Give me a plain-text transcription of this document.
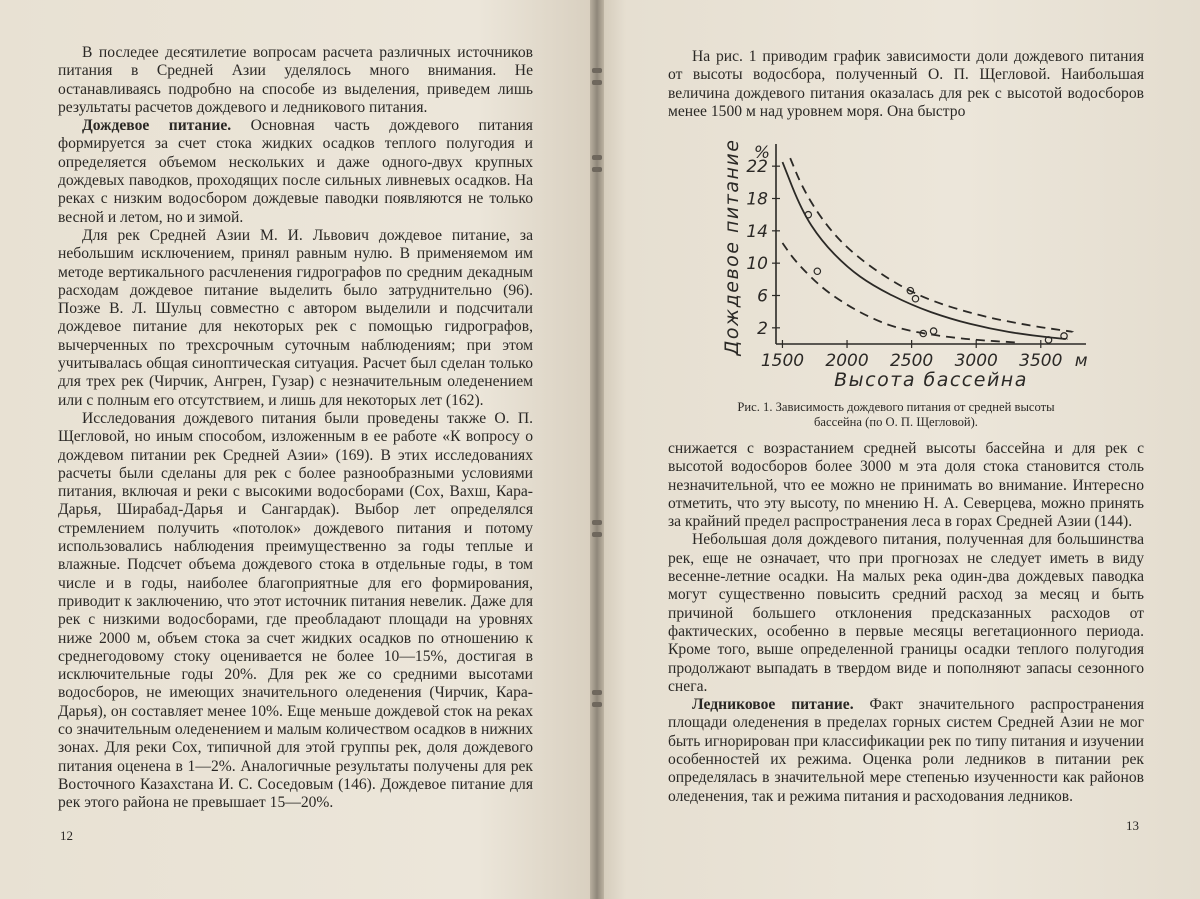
В последее десятилетие вопросам расчета различных источников питания в Средней Азии уделялось много внимания. Не останавливаясь подробно на способе из выделения, приведем лишь результаты расчетов дождевого и ледникового питания.

Дождевое питание. Основная часть дождевого питания формируется за счет стока жидких осадков теплого полугодия и определяется объемом нескольких и даже одного-двух крупных дождевых паводков, проходящих после сильных ливневых осадков. На реках с низким водосбором дождевые паводки появляются не только весной и летом, но и зимой.

Для рек Средней Азии М. И. Львович дождевое питание, за небольшим исключением, принял равным нулю. В применяемом им методе вертикального расчленения гидрографов по средним декадным расходам дождевое питание выделить было затруднительно (96). Позже В. Л. Шульц совместно с автором выделили и подсчитали дождевое питание для некоторых рек с помощью гидрографов, вычерченных по трехсрочным суточным наблюдениям; при этом учитывалась общая синоптическая ситуация. Расчет был сделан только для трех рек (Чирчик, Ангрен, Гузар) с незначительным оледенением или с полным его отсутствием, и лишь для некоторых лет (162).

Исследования дождевого питания были проведены также О. П. Щегловой, но иным способом, изложенным в ее работе «К вопросу о дождевом питании рек Средней Азии» (169). В этих исследованиях расчеты были сделаны для рек с более разнообразными условиями питания, включая и реки с высокими водосборами (Сох, Вахш, Кара-Дарья, Ширабад-Дарья и Сангардак). Выбор лет определялся стремлением получить «потолок» дождевого питания и потому использовались наблюдения преимущественно за годы теплые и влажные. Подсчет объема дождевого стока в отдельные годы, в том числе и в годы, наиболее благоприятные для его формирования, приводит к заключению, что этот источник питания невелик. Даже для рек с низкими водосборами, где преобладают площади на уровнях ниже 2000 м, объем стока за счет жидких осадков по отношению к среднегодовому стоку оценивается не более 10—15%, достигая в исключительные годы 20%. Для рек же со средними высотами водосборов, не имеющих значительного оледенения (Чирчик, Кара-Дарья), он составляет менее 10%. Еще меньше дождевой сток на реках со значительным оледенением и малым количеством осадков в нижних зонах. Для реки Сох, типичной для этой группы рек, доля дождевого питания оценена в 1—2%. Аналогичные результаты получены для рек Восточного Казахстана И. С. Соседовым (146). Дождевое питание для рек этого района не превышает 15—20%.

12

На рис. 1 приводим график зависимости доли дождевого питания от высоты водосбора, полученный О. П. Щегловой. Наибольшая величина дождевого питания оказалась для рек с высотой водосборов менее 1500 м над уровнем моря. Она быстро

2
6
10
14
18
22
%
Дождевое питание
1500 2000 2500 3000 3500 м
Высота бассейна
Рис. 1. Зависимость дождевого питания от средней высоты бассейна (по О. П. Щегловой).

снижается с возрастанием средней высоты бассейна и для рек с высотой водосборов более 3000 м эта доля стока становится столь незначительной, что ее можно не принимать во внимание. Интересно отметить, что эту высоту, по мнению Н. А. Северцева, можно принять за крайний предел распространения леса в горах Средней Азии (144).

Небольшая доля дождевого питания, полученная для большинства рек, еще не означает, что при прогнозах не следует иметь в виду весенне-летние осадки. На малых река один-два дождевых паводка могут существенно повысить средний расход за месяц и быть причиной большего отклонения предсказанных расходов от фактических, особенно в первые месяцы вегетационного периода. Кроме того, выше определенной границы осадки теплого полугодия продолжают выпадать в твердом виде и пополняют запасы сезонного снега.

Ледниковое питание. Факт значительного распространения площади оледенения в пределах горных систем Средней Азии не мог быть игнорирован при классификации рек по типу питания и изучении особенностей их режима. Оценка роли ледников в питании рек определялась в значительной мере степенью изученности как районов оледенения, так и режима питания и расходования ледников.

13
